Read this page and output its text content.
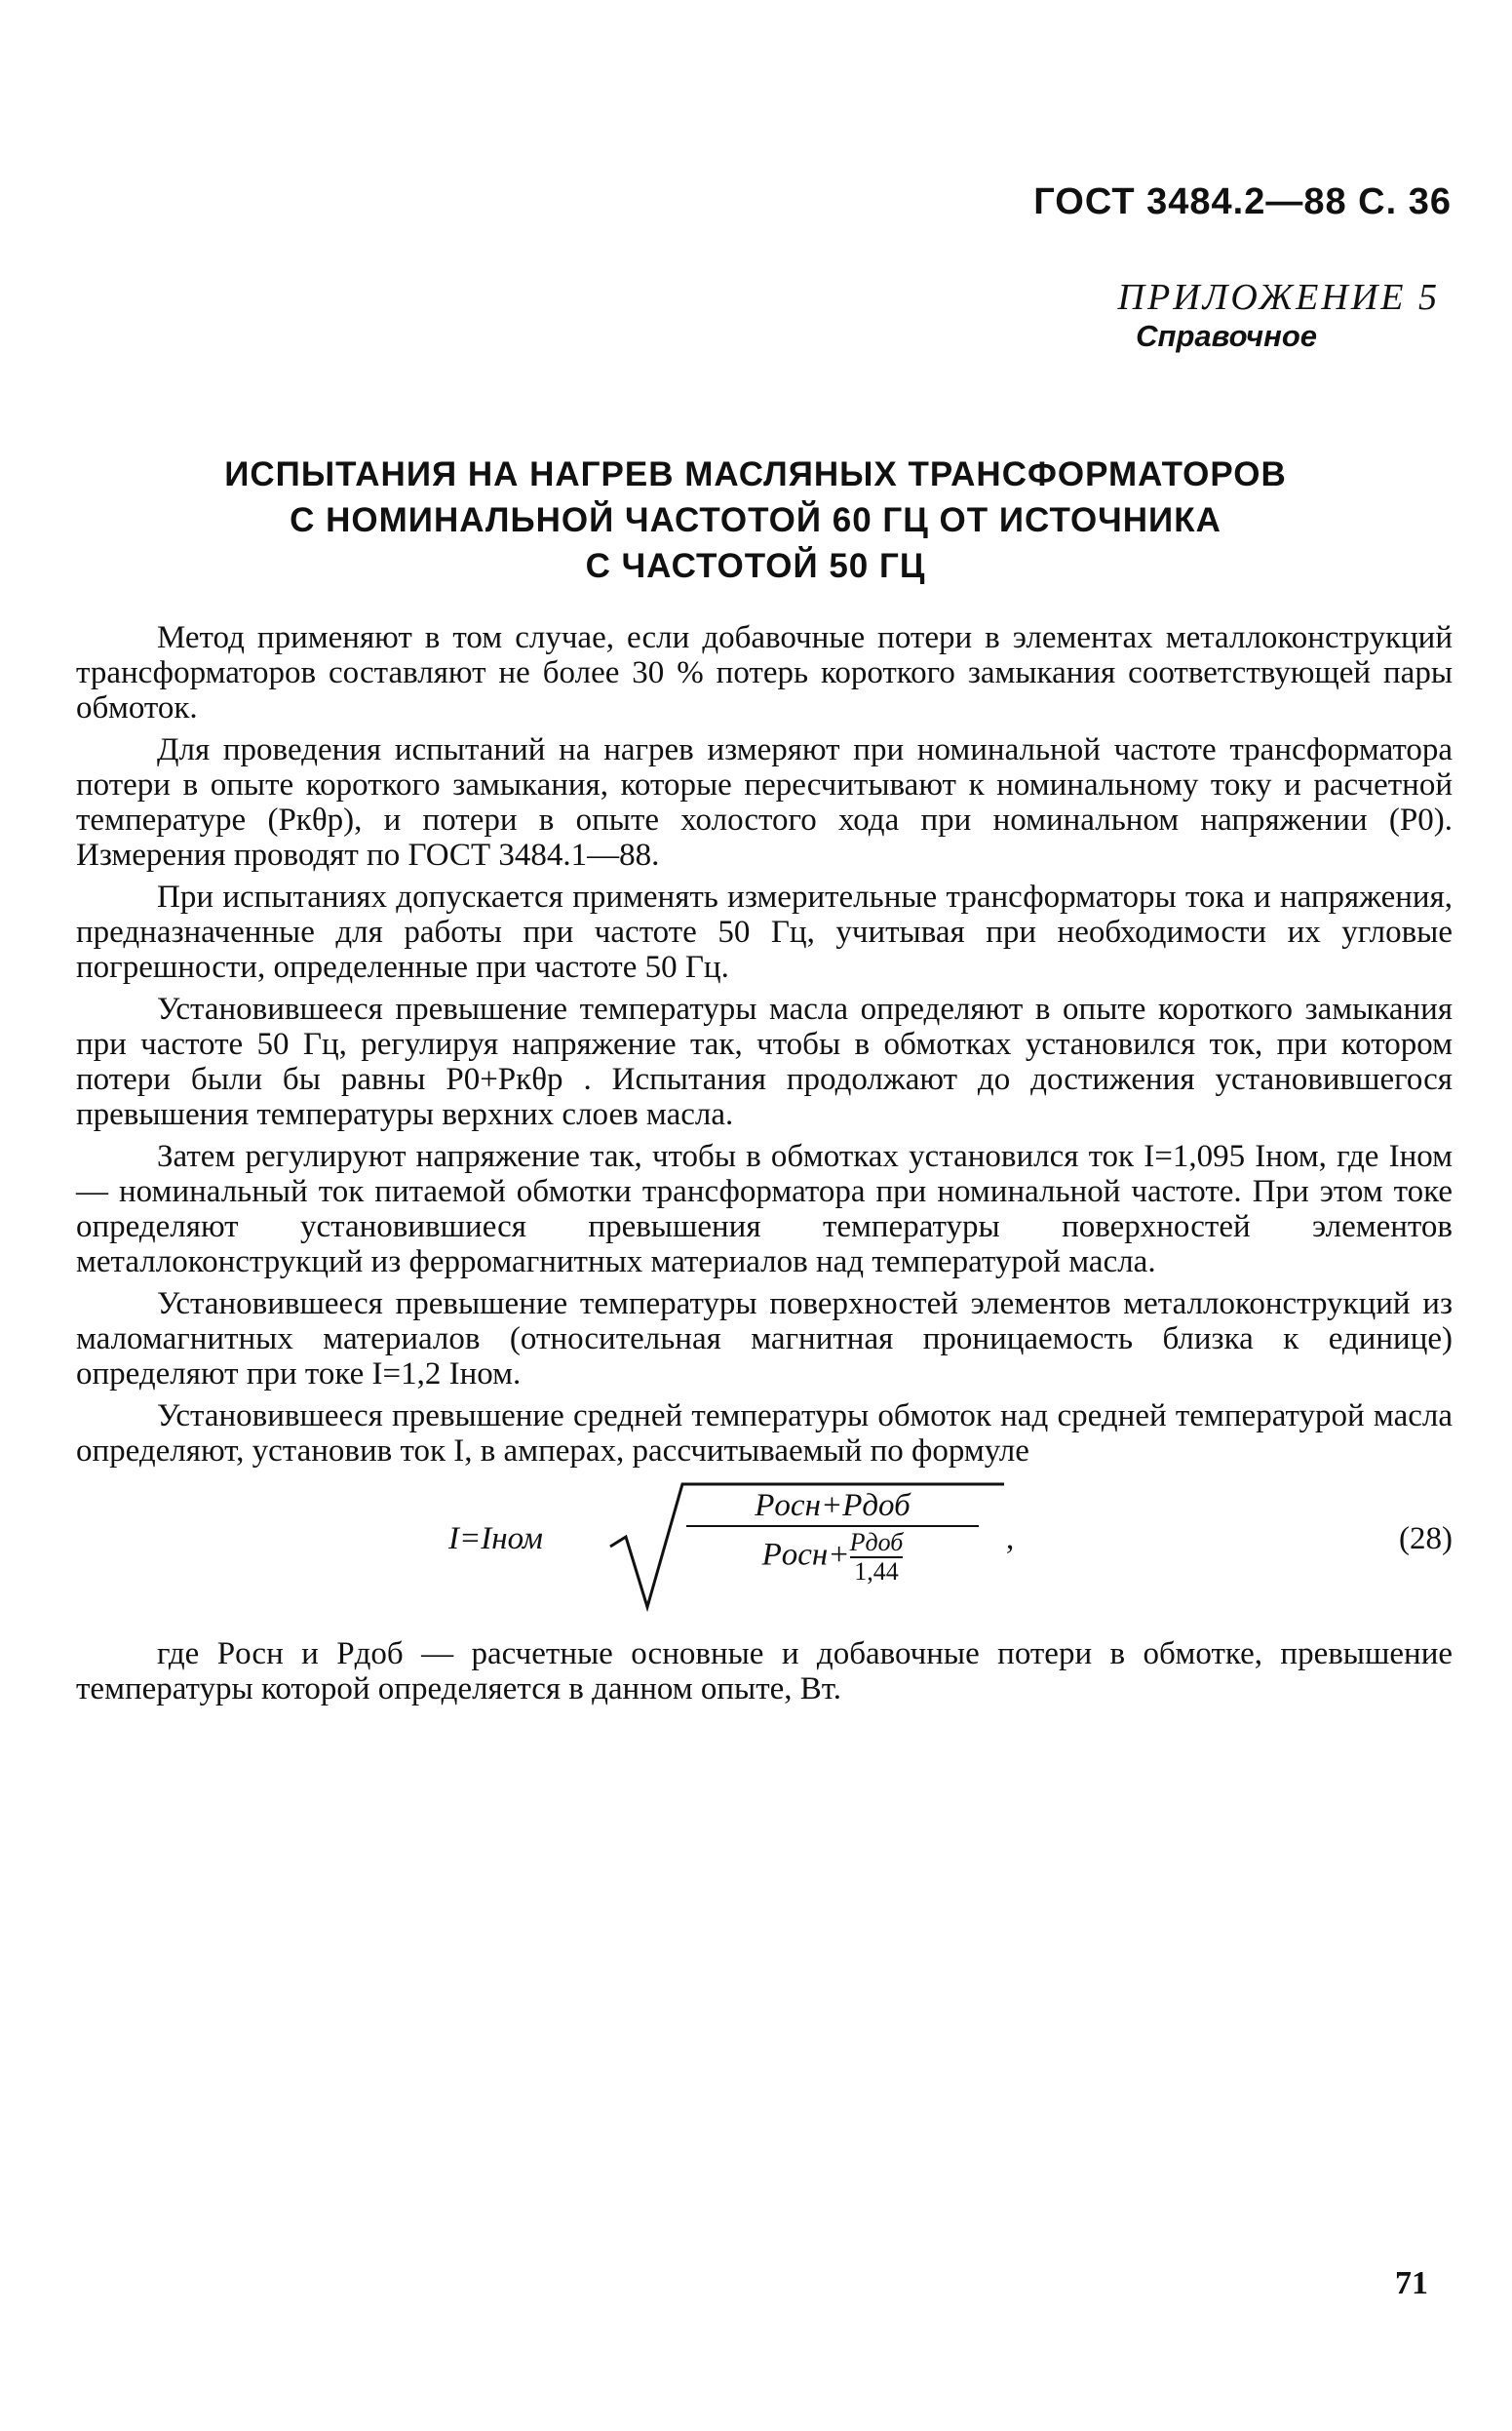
ГОСТ 3484.2—88 С. 36
ПРИЛОЖЕНИЕ 5
Справочное
ИСПЫТАНИЯ НА НАГРЕВ МАСЛЯНЫХ ТРАНСФОРМАТОРОВ
С НОМИНАЛЬНОЙ ЧАСТОТОЙ 60 ГЦ ОТ ИСТОЧНИКА
С ЧАСТОТОЙ 50 ГЦ

Метод применяют в том случае, если добавочные потери в элементах металлоконструкций трансформаторов составляют не более 30 % потерь короткого замыкания соответствующей пары обмоток.

Для проведения испытаний на нагрев измеряют при номинальной частоте трансформатора потери в опыте короткого замыкания, которые пересчитывают к номинальному току и расчетной температуре (Pкθр), и потери в опыте холостого хода при номинальном напряжении (P0). Измерения проводят по ГОСТ 3484.1—88.

При испытаниях допускается применять измерительные трансформаторы тока и напряжения, предназначенные для работы при частоте 50 Гц, учитывая при необходимости их угловые погрешности, определенные при частоте 50 Гц.

Установившееся превышение температуры масла определяют в опыте короткого замыкания при частоте 50 Гц, регулируя напряжение так, чтобы в обмотках установился ток, при котором потери были бы равны P0+Pкθр . Испытания продолжают до достижения установившегося превышения температуры верхних слоев масла.

Затем регулируют напряжение так, чтобы в обмотках установился ток I=1,095 Iном, где Iном — номинальный ток питаемой обмотки трансформатора при номинальной частоте. При этом токе определяют установившиеся превышения температуры поверхностей элементов металлоконструкций из ферромагнитных материалов над температурой масла.

Установившееся превышение температуры поверхностей элементов металлоконструкций из маломагнитных материалов (относительная магнитная проницаемость близка к единице) определяют при токе I=1,2 Iном.

Установившееся превышение средней температуры обмоток над средней температурой масла определяют, установив ток I, в амперах, рассчитываемый по формуле

I=Iном
Pосн+Pдоб
Pосн+ Pдоб
1,44
,	(28)

где Pосн и Pдоб — расчетные основные и добавочные потери в обмотке, превышение температуры которой определяется в данном опыте, Вт.

71
